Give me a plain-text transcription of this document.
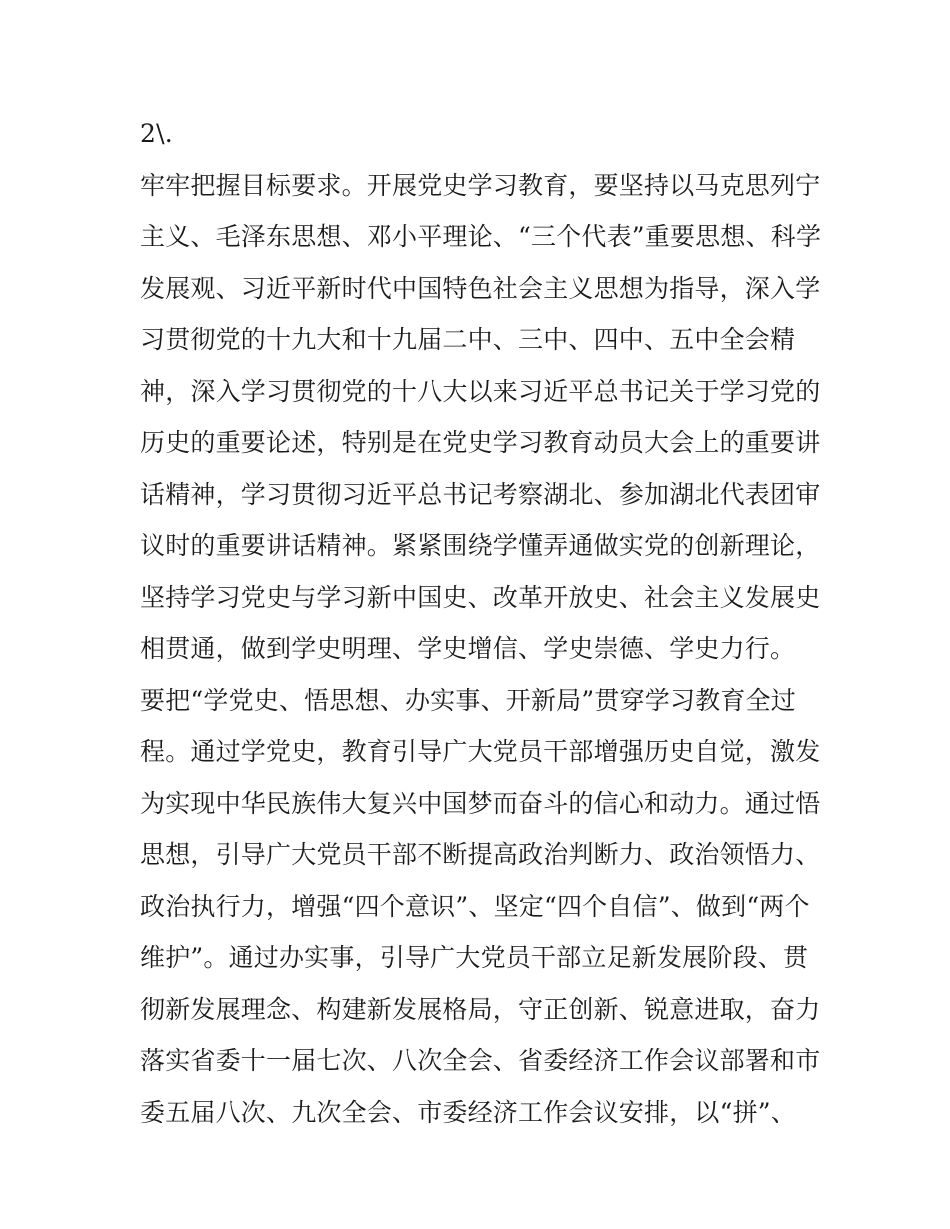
2\.
牢牢把握目标要求。开展党史学习教育，要坚持以马克思列宁
主义、毛泽东思想、邓小平理论、“三个代表”重要思想、科学
发展观、习近平新时代中国特色社会主义思想为指导，深入学
习贯彻党的十九大和十九届二中、三中、四中、五中全会精
神，深入学习贯彻党的十八大以来习近平总书记关于学习党的
历史的重要论述，特别是在党史学习教育动员大会上的重要讲
话精神，学习贯彻习近平总书记考察湖北、参加湖北代表团审
议时的重要讲话精神。紧紧围绕学懂弄通做实党的创新理论，
坚持学习党史与学习新中国史、改革开放史、社会主义发展史
相贯通，做到学史明理、学史增信、学史崇德、学史力行。
要把“学党史、悟思想、办实事、开新局”贯穿学习教育全过
程。通过学党史，教育引导广大党员干部增强历史自觉，激发
为实现中华民族伟大复兴中国梦而奋斗的信心和动力。通过悟
思想，引导广大党员干部不断提高政治判断力、政治领悟力、
政治执行力，增强“四个意识”、坚定“四个自信”、做到“两个
维护”。通过办实事，引导广大党员干部立足新发展阶段、贯
彻新发展理念、构建新发展格局，守正创新、锐意进取，奋力
落实省委十一届七次、八次全会、省委经济工作会议部署和市
委五届八次、九次全会、市委经济工作会议安排，以“拼”、
